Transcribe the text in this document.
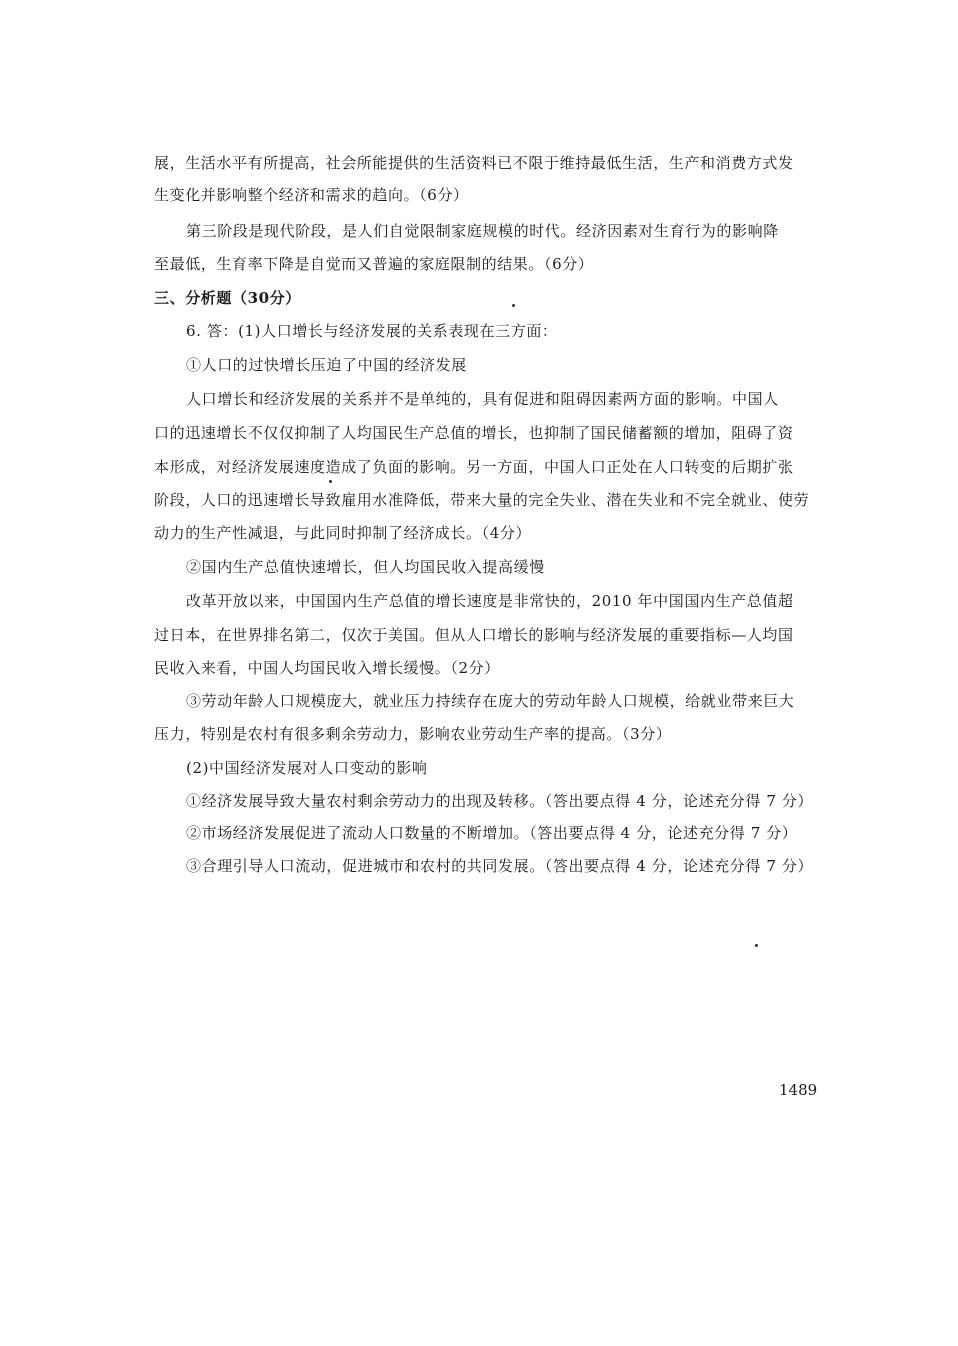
展，生活水平有所提高，社会所能提供的生活资料已不限于维持最低生活，生产和消费方式发
生变化并影响整个经济和需求的趋向。（6分）
第三阶段是现代阶段，是人们自觉限制家庭规模的时代。经济因素对生育行为的影响降
至最低，生育率下降是自觉而又普遍的家庭限制的结果。（6分）
三、分析题（30分）
6. 答：(1)人口增长与经济发展的关系表现在三方面：
①人口的过快增长压迫了中国的经济发展
人口增长和经济发展的关系并不是单纯的，具有促进和阻碍因素两方面的影响。中国人
口的迅速增长不仅仅抑制了人均国民生产总值的增长，也抑制了国民储蓄额的增加，阻碍了资
本形成，对经济发展速度造成了负面的影响。另一方面，中国人口正处在人口转变的后期扩张
阶段，人口的迅速增长导致雇用水准降低，带来大量的完全失业、潜在失业和不完全就业、使劳
动力的生产性减退，与此同时抑制了经济成长。（4分）
②国内生产总值快速增长，但人均国民收入提高缓慢
改革开放以来，中国国内生产总值的增长速度是非常快的，2010 年中国国内生产总值超
过日本，在世界排名第二，仅次于美国。但从人口增长的影响与经济发展的重要指标—人均国
民收入来看，中国人均国民收入增长缓慢。（2分）
③劳动年龄人口规模庞大，就业压力持续存在庞大的劳动年龄人口规模，给就业带来巨大
压力，特别是农村有很多剩余劳动力，影响农业劳动生产率的提高。（3分）
(2)中国经济发展对人口变动的影响
①经济发展导致大量农村剩余劳动力的出现及转移。（答出要点得 4 分，论述充分得 7 分）
②市场经济发展促进了流动人口数量的不断增加。（答出要点得 4 分，论述充分得 7 分）
③合理引导人口流动，促进城市和农村的共同发展。（答出要点得 4 分，论述充分得 7 分）
1489
